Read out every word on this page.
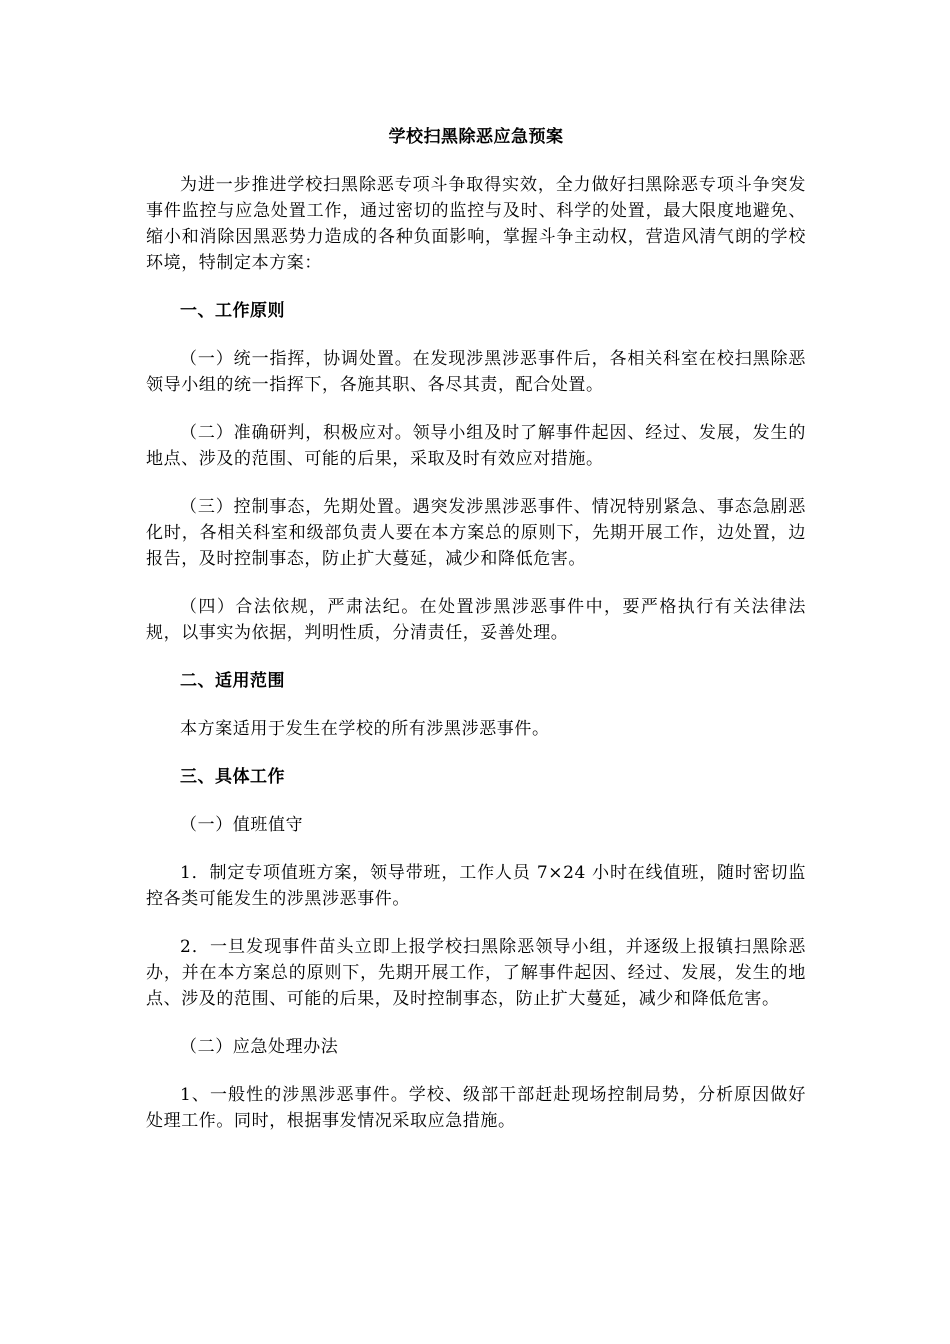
学校扫黑除恶应急预案

为进一步推进学校扫黑除恶专项斗争取得实效，全力做好扫黑除恶专项斗争突发事件监控与应急处置工作，通过密切的监控与及时、科学的处置，最大限度地避免、缩小和消除因黑恶势力造成的各种负面影响，掌握斗争主动权，营造风清气朗的学校环境，特制定本方案：

一、工作原则

（一）统一指挥，协调处置。在发现涉黑涉恶事件后，各相关科室在校扫黑除恶领导小组的统一指挥下，各施其职、各尽其责，配合处置。

（二）准确研判，积极应对。领导小组及时了解事件起因、经过、发展，发生的地点、涉及的范围、可能的后果，采取及时有效应对措施。

（三）控制事态，先期处置。遇突发涉黑涉恶事件、情况特别紧急、事态急剧恶化时，各相关科室和级部负责人要在本方案总的原则下，先期开展工作，边处置，边报告，及时控制事态，防止扩大蔓延，减少和降低危害。

（四）合法依规，严肃法纪。在处置涉黑涉恶事件中，要严格执行有关法律法规，以事实为依据，判明性质，分清责任，妥善处理。

二、适用范围

本方案适用于发生在学校的所有涉黑涉恶事件。

三、具体工作

（一）值班值守

1．制定专项值班方案，领导带班，工作人员 7×24 小时在线值班，随时密切监控各类可能发生的涉黑涉恶事件。

2．一旦发现事件苗头立即上报学校扫黑除恶领导小组，并逐级上报镇扫黑除恶办，并在本方案总的原则下，先期开展工作，了解事件起因、经过、发展，发生的地点、涉及的范围、可能的后果，及时控制事态，防止扩大蔓延，减少和降低危害。

（二）应急处理办法

1、一般性的涉黑涉恶事件。学校、级部干部赶赴现场控制局势，分析原因做好处理工作。同时，根据事发情况采取应急措施。
